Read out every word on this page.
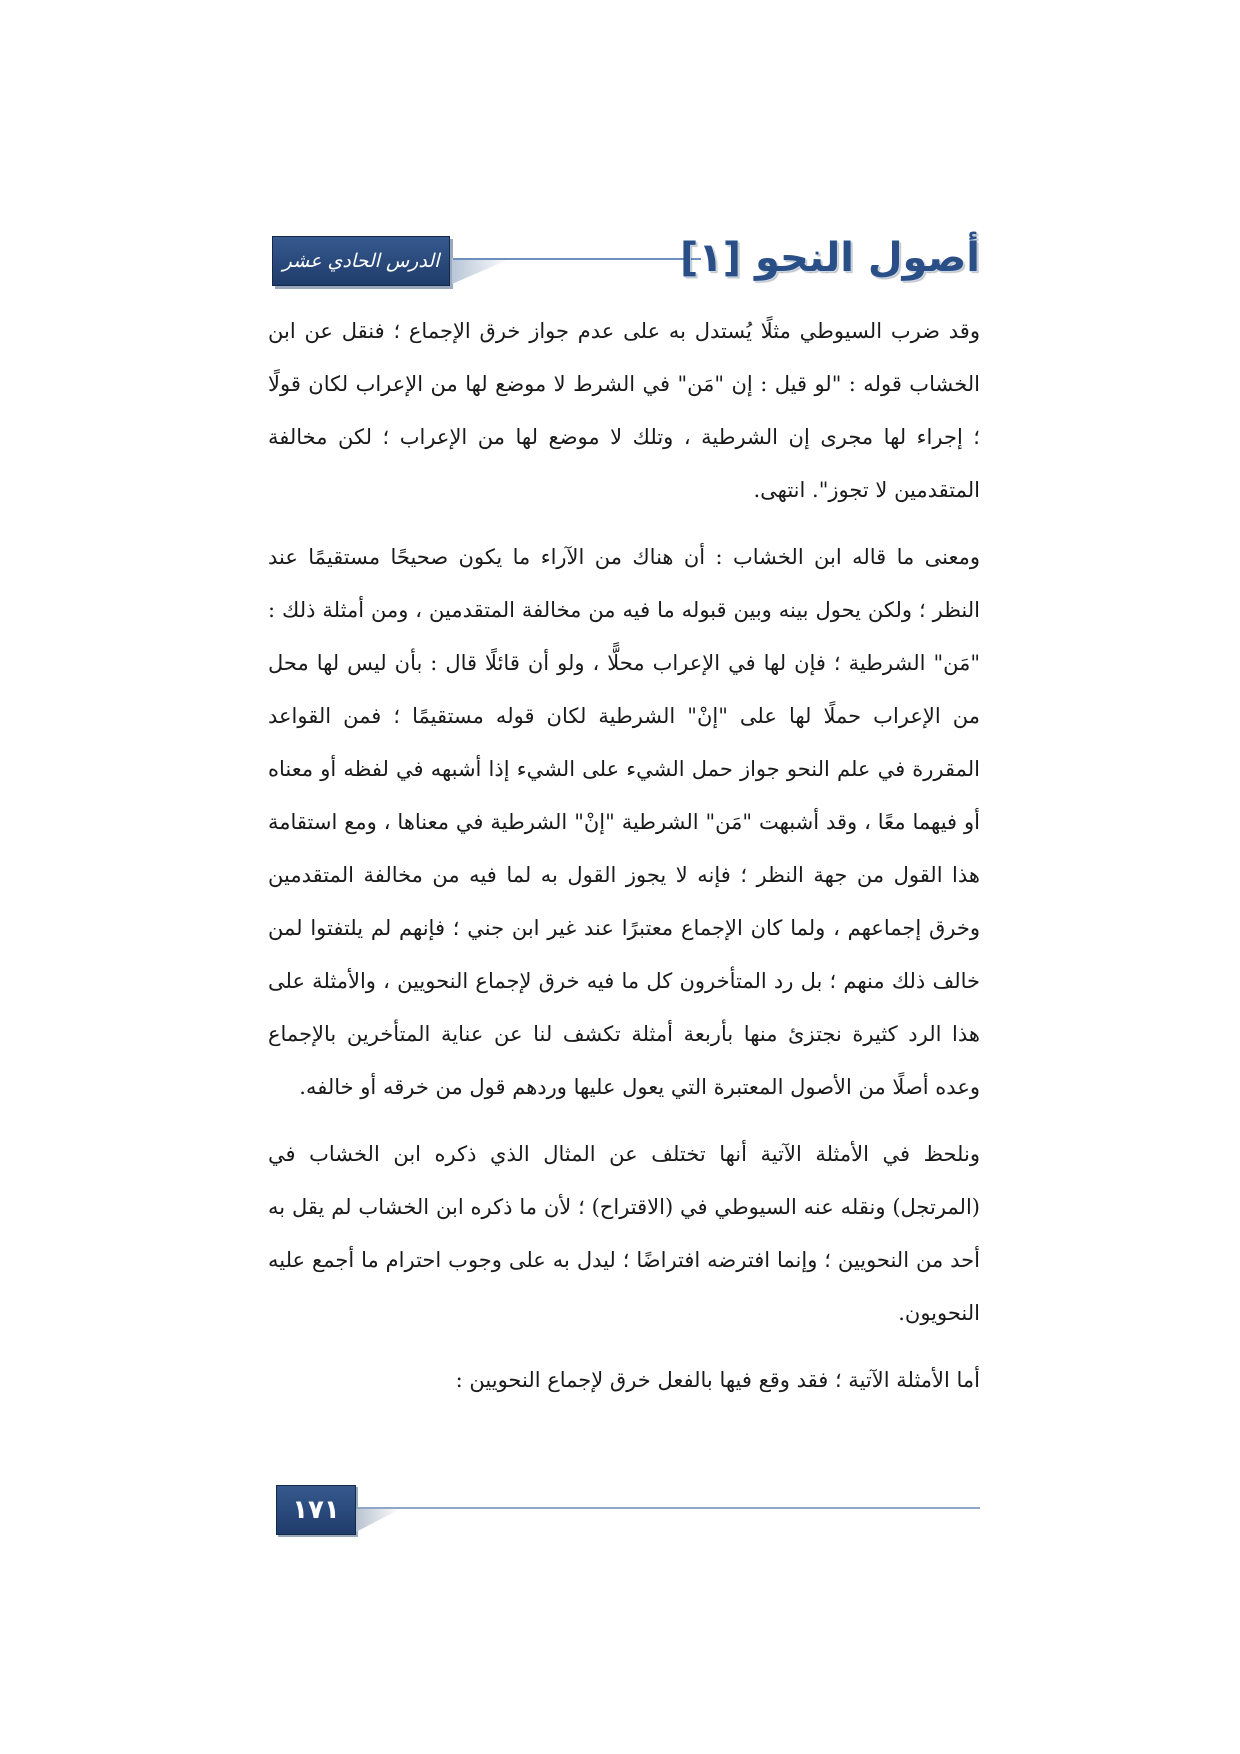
الدرس الحادي عشر	أصول النحو [١]

وقد ضرب السيوطي مثلًا يُستدل به على عدم جواز خرق الإجماع ؛ فنقل عن ابن الخشاب قوله : "لو قيل : إن "مَن" في الشرط لا موضع لها من الإعراب لكان قولًا ؛ إجراء لها مجرى إن الشرطية ، وتلك لا موضع لها من الإعراب ؛ لكن مخالفة المتقدمين لا تجوز". انتهى.

ومعنى ما قاله ابن الخشاب : أن هناك من الآراء ما يكون صحيحًا مستقيمًا عند النظر ؛ ولكن يحول بينه وبين قبوله ما فيه من مخالفة المتقدمين ، ومن أمثلة ذلك : "مَن" الشرطية ؛ فإن لها في الإعراب محلًّا ، ولو أن قائلًا قال : بأن ليس لها محل من الإعراب حملًا لها على "إنْ" الشرطية لكان قوله مستقيمًا ؛ فمن القواعد المقررة في علم النحو جواز حمل الشيء على الشيء إذا أشبهه في لفظه أو معناه أو فيهما معًا ، وقد أشبهت "مَن" الشرطية "إنْ" الشرطية في معناها ، ومع استقامة هذا القول من جهة النظر ؛ فإنه لا يجوز القول به لما فيه من مخالفة المتقدمين وخرق إجماعهم ، ولما كان الإجماع معتبرًا عند غير ابن جني ؛ فإنهم لم يلتفتوا لمن خالف ذلك منهم ؛ بل رد المتأخرون كل ما فيه خرق لإجماع النحويين ، والأمثلة على هذا الرد كثيرة نجتزئ منها بأربعة أمثلة تكشف لنا عن عناية المتأخرين بالإجماع وعده أصلًا من الأصول المعتبرة التي يعول عليها وردهم قول من خرقه أو خالفه.

ونلحظ في الأمثلة الآتية أنها تختلف عن المثال الذي ذكره ابن الخشاب في (المرتجل) ونقله عنه السيوطي في (الاقتراح) ؛ لأن ما ذكره ابن الخشاب لم يقل به أحد من النحويين ؛ وإنما افترضه افتراضًا ؛ ليدل به على وجوب احترام ما أجمع عليه النحويون.

أما الأمثلة الآتية ؛ فقد وقع فيها بالفعل خرق لإجماع النحويين :

١٧١
